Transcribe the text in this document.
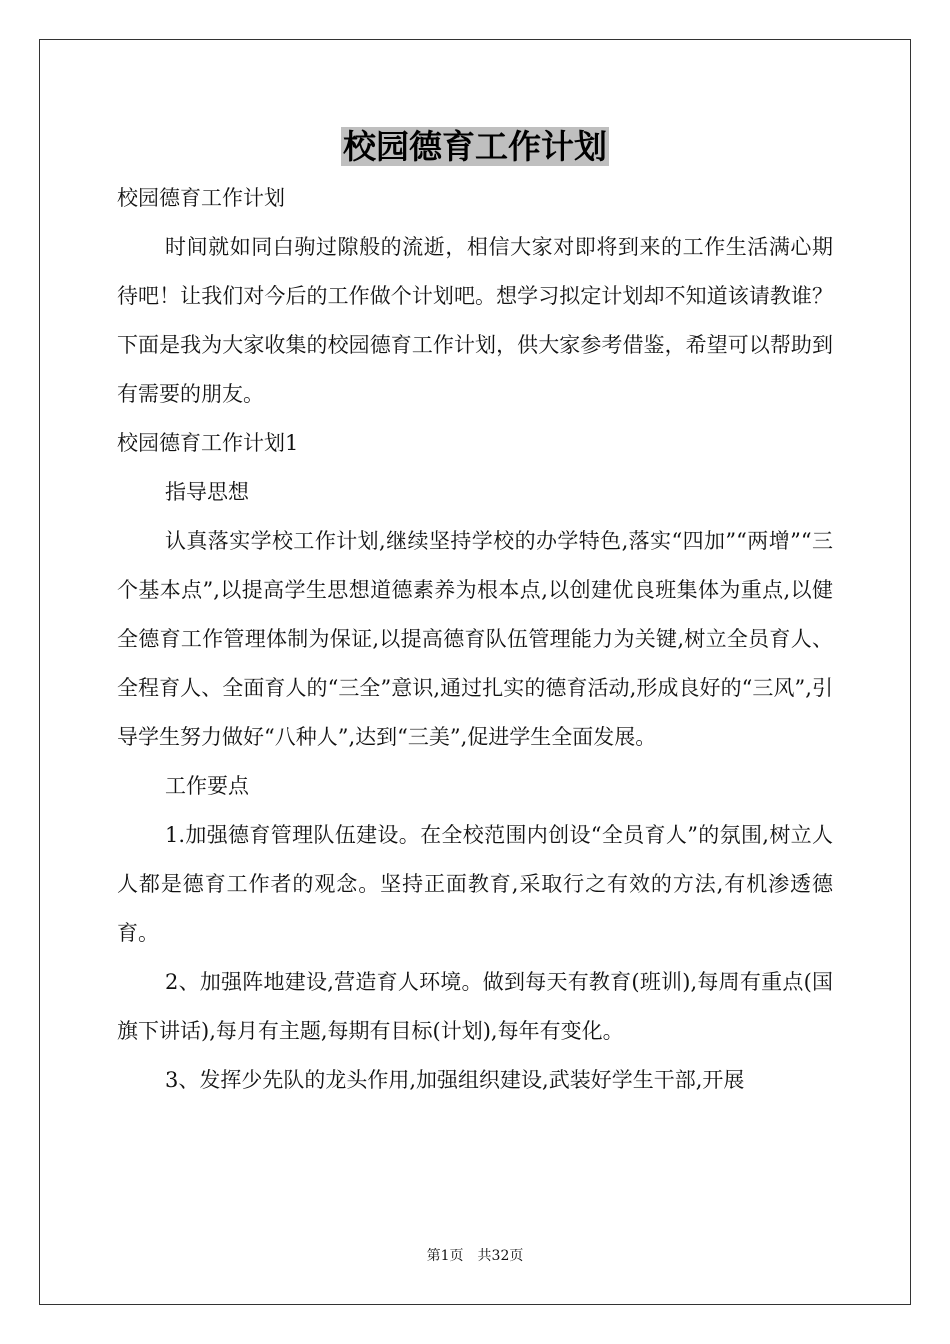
校园德育工作计划

校园德育工作计划

时间就如同白驹过隙般的流逝，相信大家对即将到来的工作生活满心期待吧！让我们对今后的工作做个计划吧。想学习拟定计划却不知道该请教谁？下面是我为大家收集的校园德育工作计划，供大家参考借鉴，希望可以帮助到有需要的朋友。

校园德育工作计划1

指导思想

认真落实学校工作计划,继续坚持学校的办学特色,落实“四加”“两增”“三个基本点”,以提高学生思想道德素养为根本点,以创建优良班集体为重点,以健全德育工作管理体制为保证,以提高德育队伍管理能力为关键,树立全员育人、全程育人、全面育人的“三全”意识,通过扎实的德育活动,形成良好的“三风”,引导学生努力做好“八种人”,达到“三美”,促进学生全面发展。

工作要点

1.加强德育管理队伍建设。在全校范围内创设“全员育人”的氛围,树立人人都是德育工作者的观念。坚持正面教育,采取行之有效的方法,有机渗透德育。

2、加强阵地建设,营造育人环境。做到每天有教育(班训),每周有重点(国旗下讲话),每月有主题,每期有目标(计划),每年有变化。

3、发挥少先队的龙头作用,加强组织建设,武装好学生干部,开展

第1页　共32页
